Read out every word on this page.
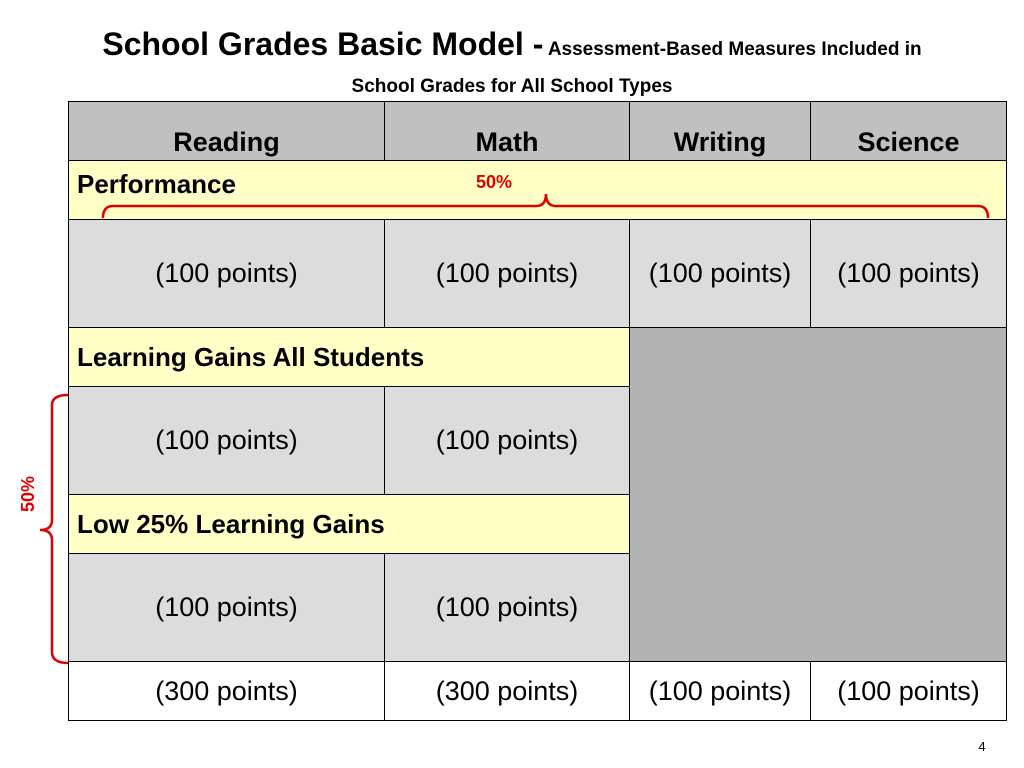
School Grades Basic Model - Assessment-Based Measures Included in
School Grades for All School Types
Reading	Math	Writing	Science
Performance			
(100 points)	(100 points)	(100 points)	(100 points)
Learning Gains All Students			
(100 points)	(100 points)		
Low 25% Learning Gains			
(100 points)	(100 points)		
(300 points)	(300 points)	(100 points)	(100 points)
50%
50%
4
